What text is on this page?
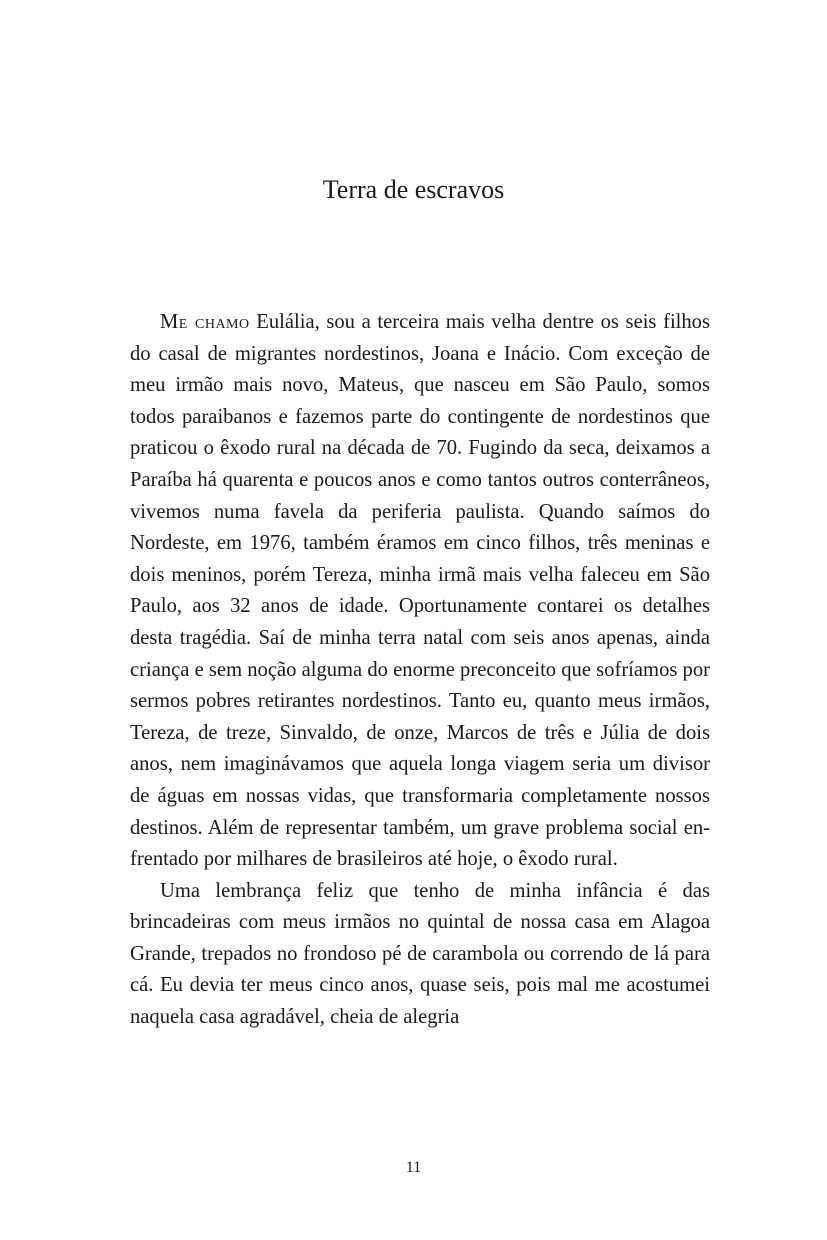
Terra de escravos

Me chamo Eulália, sou a terceira mais velha dentre os seis filhos do casal de migrantes nordestinos, Joana e Inácio. Com exceção de meu irmão mais novo, Mateus, que nasceu em São Paulo, somos todos paraibanos e fazemos parte do contingente de nordestinos que praticou o êxodo rural na década de 70. Fugindo da seca, deixamos a Paraíba há quarenta e poucos anos e como tantos outros conterrâneos, vivemos numa favela da periferia paulista. Quando saímos do Nordeste, em 1976, também éramos em cinco filhos, três meninas e dois meninos, porém Tereza, minha irmã mais velha faleceu em São Paulo, aos 32 anos de idade. Oportunamente contarei os detalhes desta tragédia. Saí de minha terra natal com seis anos apenas, ainda criança e sem noção alguma do enorme preconceito que sofríamos por sermos pobres retirantes nordestinos. Tanto eu, quanto meus irmãos, Tereza, de treze, Sinvaldo, de onze, Marcos de três e Júlia de dois anos, nem imaginávamos que aquela longa viagem seria um divisor de águas em nossas vidas, que transformaria completamente nossos destinos. Além de representar também, um grave problema social enfrentado por milhares de brasileiros até hoje, o êxodo rural.

Uma lembrança feliz que tenho de minha infância é das brincadeiras com meus irmãos no quintal de nossa casa em Alagoa Grande, trepados no frondoso pé de carambola ou correndo de lá para cá. Eu devia ter meus cinco anos, quase seis, pois mal me acostumei naquela casa agradável, cheia de alegria

11
